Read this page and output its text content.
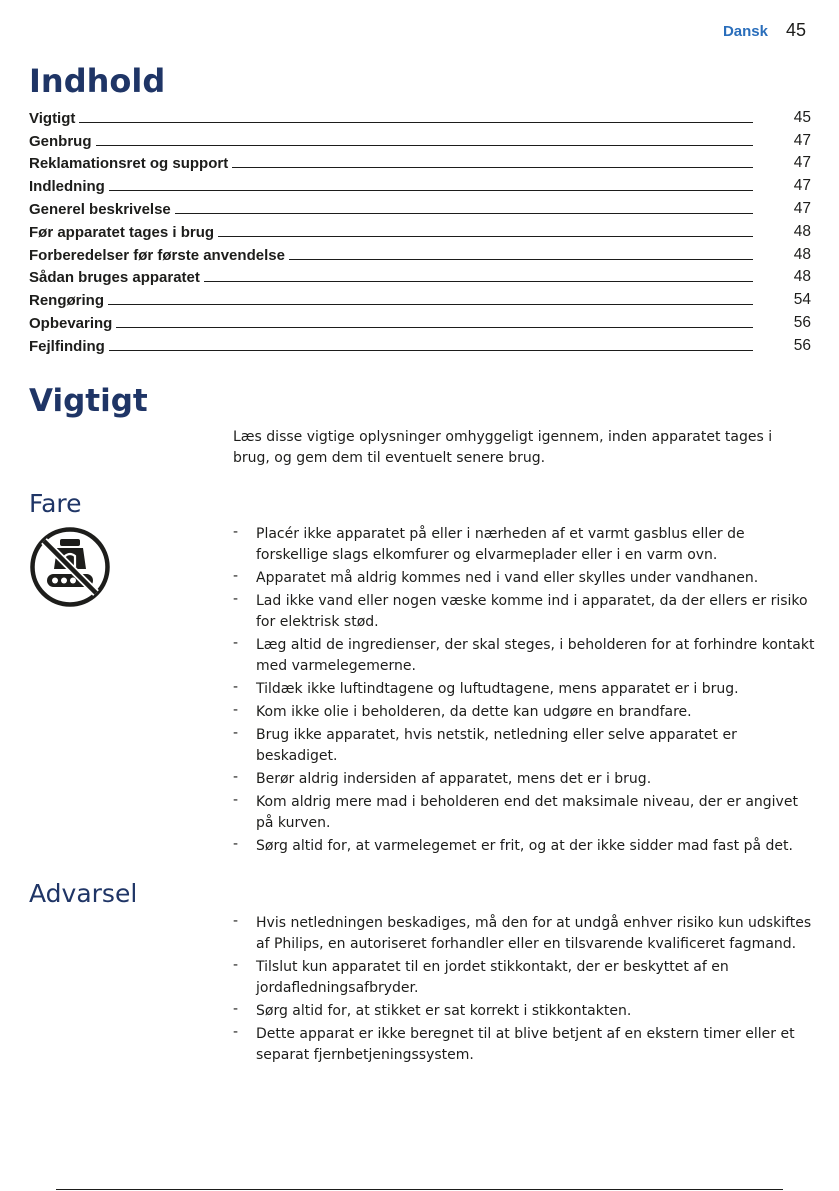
Dansk 45
Indhold
Vigtigt	45
Genbrug	47
Reklamationsret og support	47
Indledning	47
Generel beskrivelse	47
Før apparatet tages i brug	48
Forberedelser før første anvendelse	48
Sådan bruges apparatet	48
Rengøring	54
Opbevaring	56
Fejlfinding	56
Vigtigt

Læs disse vigtige oplysninger omhyggeligt igennem, inden apparatet tages i brug, og gem dem til eventuelt senere brug.

Fare
- Placér ikke apparatet på eller i nærheden af et varmt gasblus eller de forskellige slags elkomfurer og elvarmeplader eller i en varm ovn.
- Apparatet må aldrig kommes ned i vand eller skylles under vandhanen.
- Lad ikke vand eller nogen væske komme ind i apparatet, da der ellers er risiko for elektrisk stød.
- Læg altid de ingredienser, der skal steges, i beholderen for at forhindre kontakt med varmelegemerne.
- Tildæk ikke luftindtagene og luftudtagene, mens apparatet er i brug.
- Kom ikke olie i beholderen, da dette kan udgøre en brandfare.
- Brug ikke apparatet, hvis netstik, netledning eller selve apparatet er beskadiget.
- Berør aldrig indersiden af apparatet, mens det er i brug.
- Kom aldrig mere mad i beholderen end det maksimale niveau, der er angivet på kurven.
- Sørg altid for, at varmelegemet er frit, og at der ikke sidder mad fast på det.
Advarsel
- Hvis netledningen beskadiges, må den for at undgå enhver risiko kun udskiftes af Philips, en autoriseret forhandler eller en tilsvarende kvalificeret fagmand.
- Tilslut kun apparatet til en jordet stikkontakt, der er beskyttet af en jordafledningsafbryder.
- Sørg altid for, at stikket er sat korrekt i stikkontakten.
- Dette apparat er ikke beregnet til at blive betjent af en ekstern timer eller et separat fjernbetjeningssystem.
